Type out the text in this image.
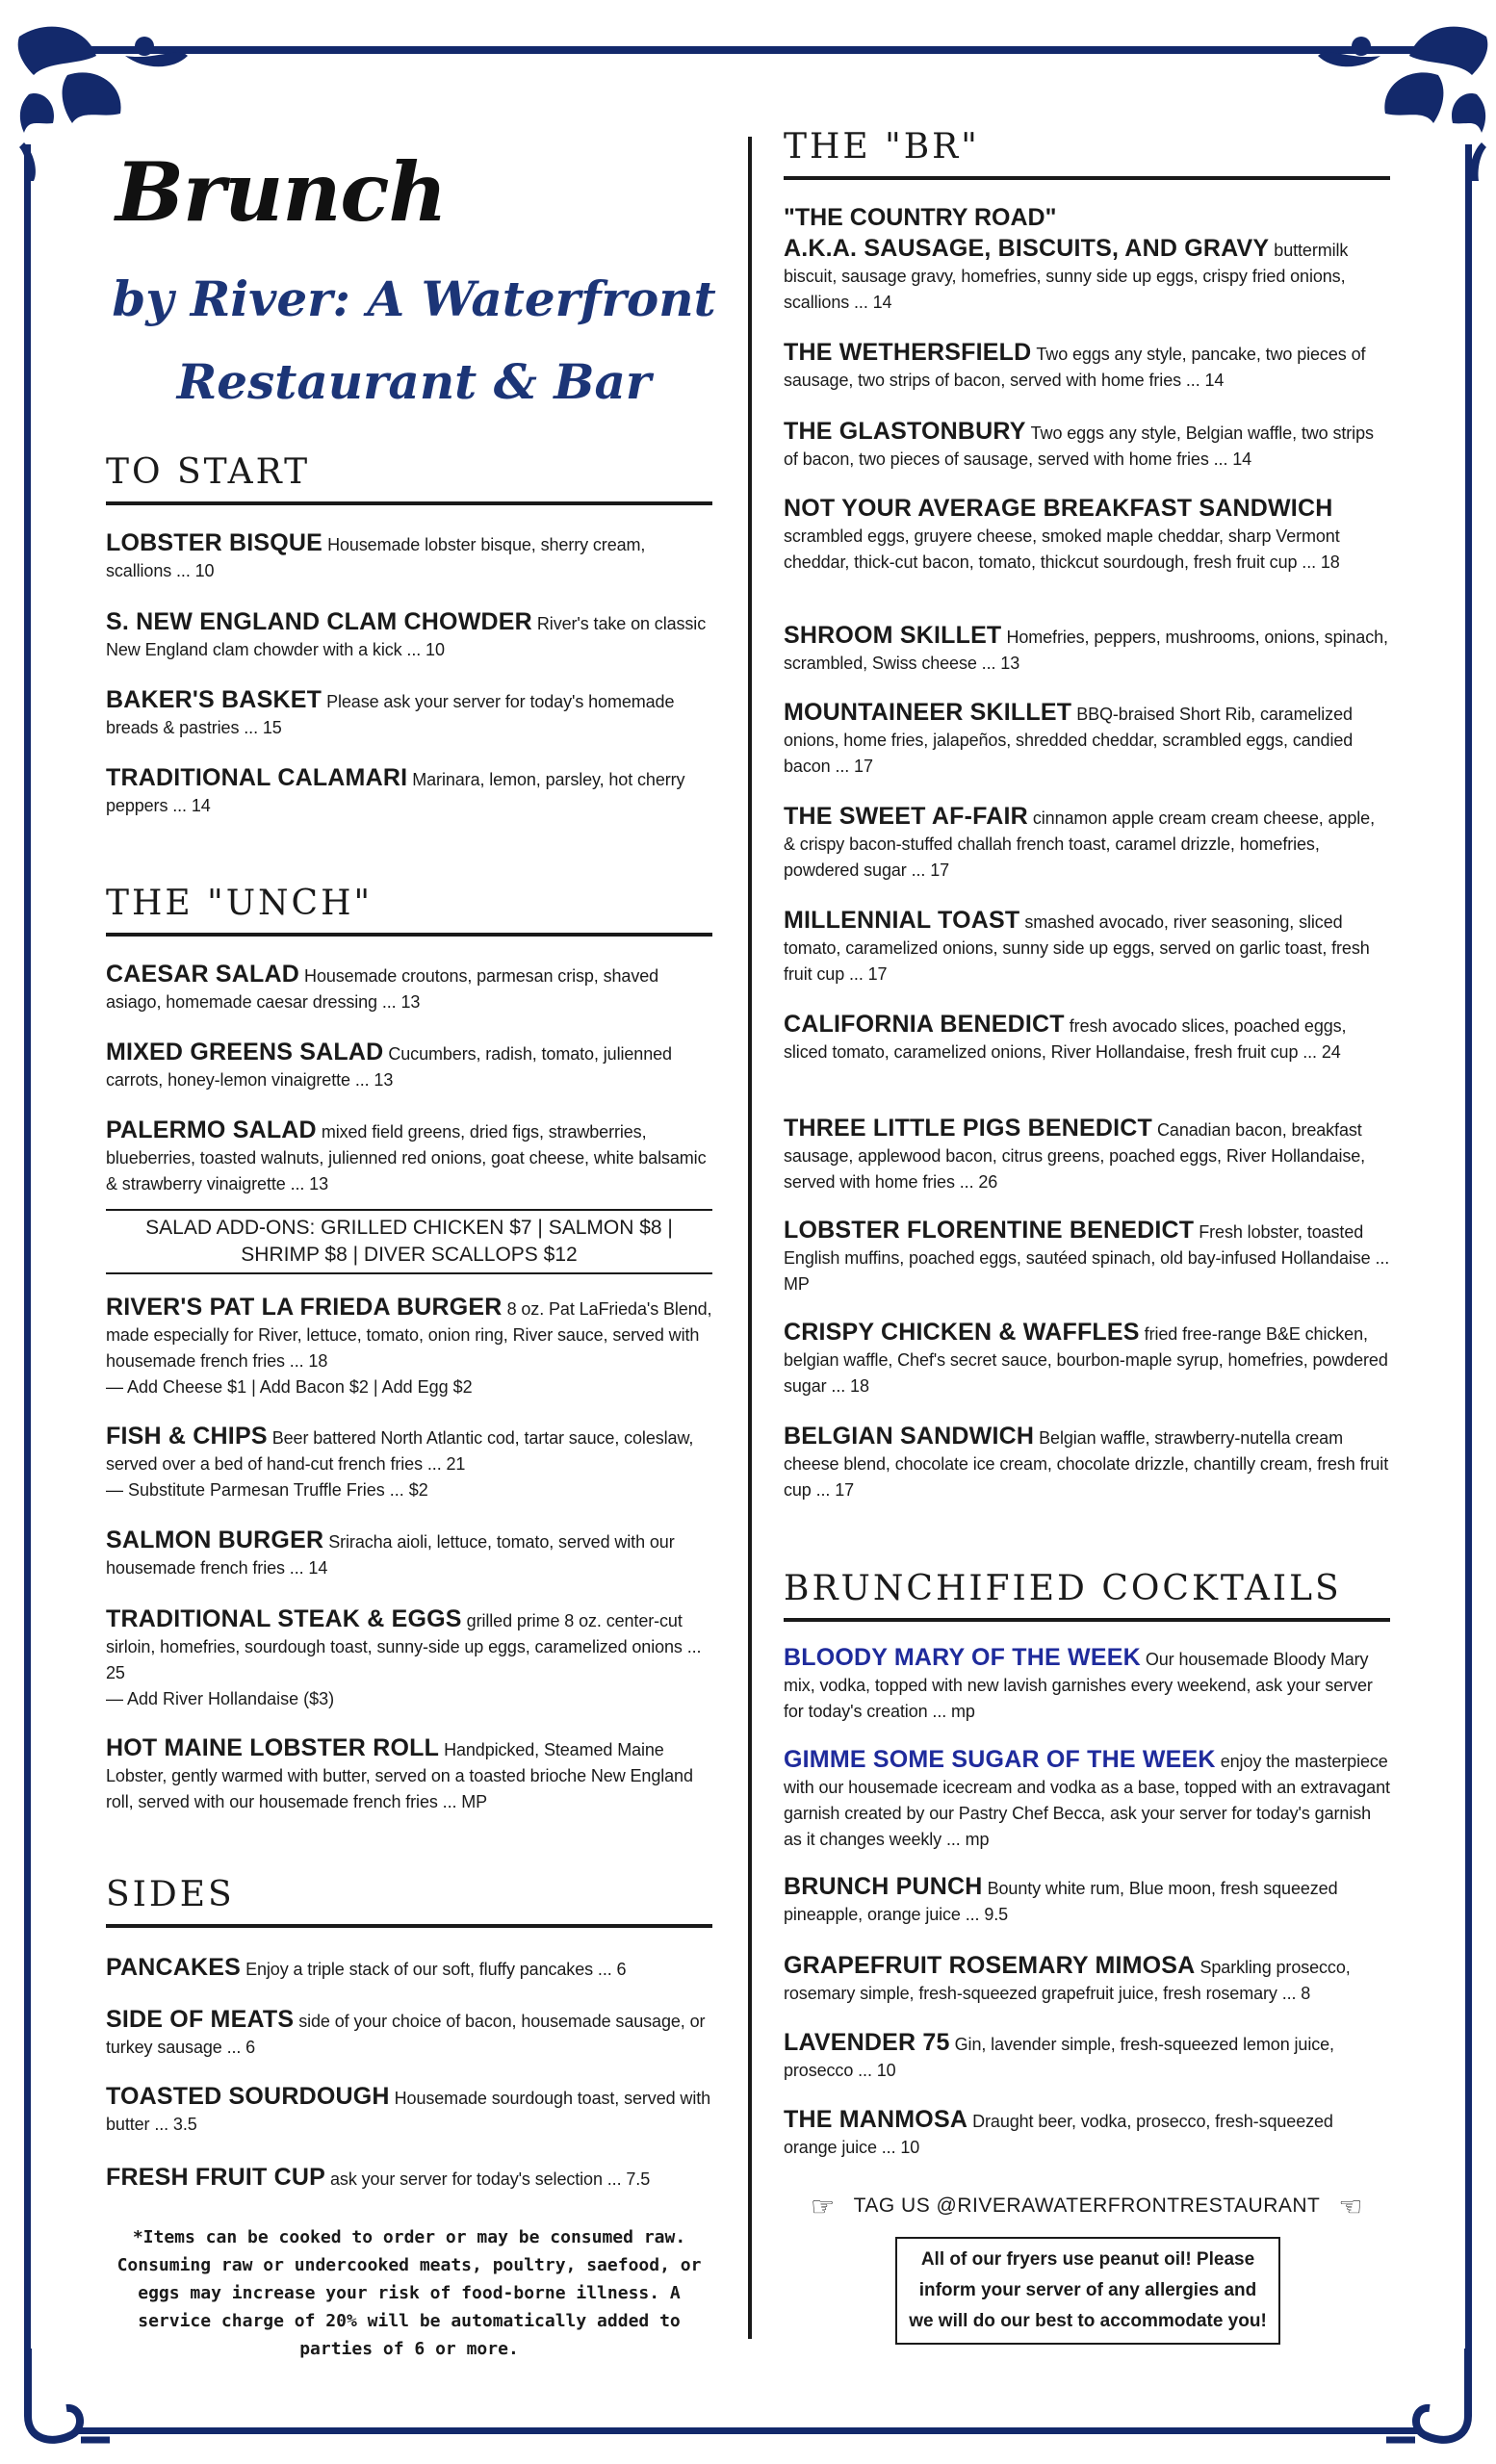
Brunch
by River: A Waterfront Restaurant & Bar
TO START
LOBSTER BISQUE Housemade lobster bisque, sherry cream, scallions ... 10
S. NEW ENGLAND CLAM CHOWDER River's take on classic New England clam chowder with a kick ... 10
BAKER'S BASKET Please ask your server for today's homemade breads & pastries ... 15
TRADITIONAL CALAMARI Marinara, lemon, parsley, hot cherry peppers ... 14
THE "UNCH"
CAESAR SALAD Housemade croutons, parmesan crisp, shaved asiago, homemade caesar dressing ... 13
MIXED GREENS SALAD Cucumbers, radish, tomato, julienned carrots, honey-lemon vinaigrette ... 13
PALERMO SALAD mixed field greens, dried figs, strawberries, blueberries, toasted walnuts, julienned red onions, goat cheese, white balsamic & strawberry vinaigrette ... 13
SALAD ADD-ONS: GRILLED CHICKEN $7 | SALMON $8 | SHRIMP $8 | DIVER SCALLOPS $12
RIVER'S PAT LA FRIEDA BURGER 8 oz. Pat LaFrieda's Blend, made especially for River, lettuce, tomato, onion ring, River sauce, served with housemade french fries ... 18
— Add Cheese $1 | Add Bacon $2 | Add Egg $2
FISH & CHIPS Beer battered North Atlantic cod, tartar sauce, coleslaw, served over a bed of hand-cut french fries ... 21
— Substitute Parmesan Truffle Fries ... $2
SALMON BURGER Sriracha aioli, lettuce, tomato, served with our housemade french fries ... 14
TRADITIONAL STEAK & EGGS grilled prime 8 oz. center-cut sirloin, homefries, sourdough toast, sunny-side up eggs, caramelized onions ... 25
— Add River Hollandaise ($3)
HOT MAINE LOBSTER ROLL Handpicked, Steamed Maine Lobster, gently warmed with butter, served on a toasted brioche New England roll, served with our housemade french fries ... MP
SIDES
PANCAKES Enjoy a triple stack of our soft, fluffy pancakes ... 6
SIDE OF MEATS side of your choice of bacon, housemade sausage, or turkey sausage ... 6
TOASTED SOURDOUGH Housemade sourdough toast, served with butter ... 3.5
FRESH FRUIT CUP ask your server for today's selection ... 7.5
*Items can be cooked to order or may be consumed raw. Consuming raw or undercooked meats, poultry, saefood, or eggs may increase your risk of food-borne illness. A service charge of 20% will be automatically added to parties of 6 or more.
THE "BR"
"THE COUNTRY ROAD"
A.K.A. SAUSAGE, BISCUITS, AND GRAVY buttermilk biscuit, sausage gravy, homefries, sunny side up eggs, crispy fried onions, scallions ... 14
THE WETHERSFIELD Two eggs any style, pancake, two pieces of sausage, two strips of bacon, served with home fries ... 14
THE GLASTONBURY Two eggs any style, Belgian waffle, two strips of bacon, two pieces of sausage, served with home fries ... 14
NOT YOUR AVERAGE BREAKFAST SANDWICH scrambled eggs, gruyere cheese, smoked maple cheddar, sharp Vermont cheddar, thick-cut bacon, tomato, thickcut sourdough, fresh fruit cup ... 18
SHROOM SKILLET Homefries, peppers, mushrooms, onions, spinach, scrambled, Swiss cheese ... 13
MOUNTAINEER SKILLET BBQ-braised Short Rib, caramelized onions, home fries, jalapeños, shredded cheddar, scrambled eggs, candied bacon ... 17
THE SWEET AF-FAIR cinnamon apple cream cream cheese, apple, & crispy bacon-stuffed challah french toast, caramel drizzle, homefries, powdered sugar ... 17
MILLENNIAL TOAST smashed avocado, river seasoning, sliced tomato, caramelized onions, sunny side up eggs, served on garlic toast, fresh fruit cup ... 17
CALIFORNIA BENEDICT fresh avocado slices, poached eggs, sliced tomato, caramelized onions, River Hollandaise, fresh fruit cup ... 24
THREE LITTLE PIGS BENEDICT Canadian bacon, breakfast sausage, applewood bacon, citrus greens, poached eggs, River Hollandaise, served with home fries ... 26
LOBSTER FLORENTINE BENEDICT Fresh lobster, toasted English muffins, poached eggs, sautéed spinach, old bay-infused Hollandaise ... MP
CRISPY CHICKEN & WAFFLES fried free-range B&E chicken, belgian waffle, Chef's secret sauce, bourbon-maple syrup, homefries, powdered sugar ... 18
BELGIAN SANDWICH Belgian waffle, strawberry-nutella cream cheese blend, chocolate ice cream, chocolate drizzle, chantilly cream, fresh fruit cup ... 17
BRUNCHIFIED COCKTAILS
BLOODY MARY OF THE WEEK Our housemade Bloody Mary mix, vodka, topped with new lavish garnishes every weekend, ask your server for today's creation ... mp
GIMME SOME SUGAR OF THE WEEK enjoy the masterpiece with our housemade icecream and vodka as a base, topped with an extravagant garnish created by our Pastry Chef Becca, ask your server for today's garnish as it changes weekly ... mp
BRUNCH PUNCH Bounty white rum, Blue moon, fresh squeezed pineapple, orange juice ... 9.5
GRAPEFRUIT ROSEMARY MIMOSA Sparkling prosecco, rosemary simple, fresh-squeezed grapefruit juice, fresh rosemary ... 8
LAVENDER 75 Gin, lavender simple, fresh-squeezed lemon juice, prosecco ... 10
THE MANMOSA Draught beer, vodka, prosecco, fresh-squeezed orange juice ... 10
☞ TAG US @RIVERAWATERFRONTRESTAURANT ☜
All of our fryers use peanut oil! Please inform your server of any allergies and we will do our best to accommodate you!
